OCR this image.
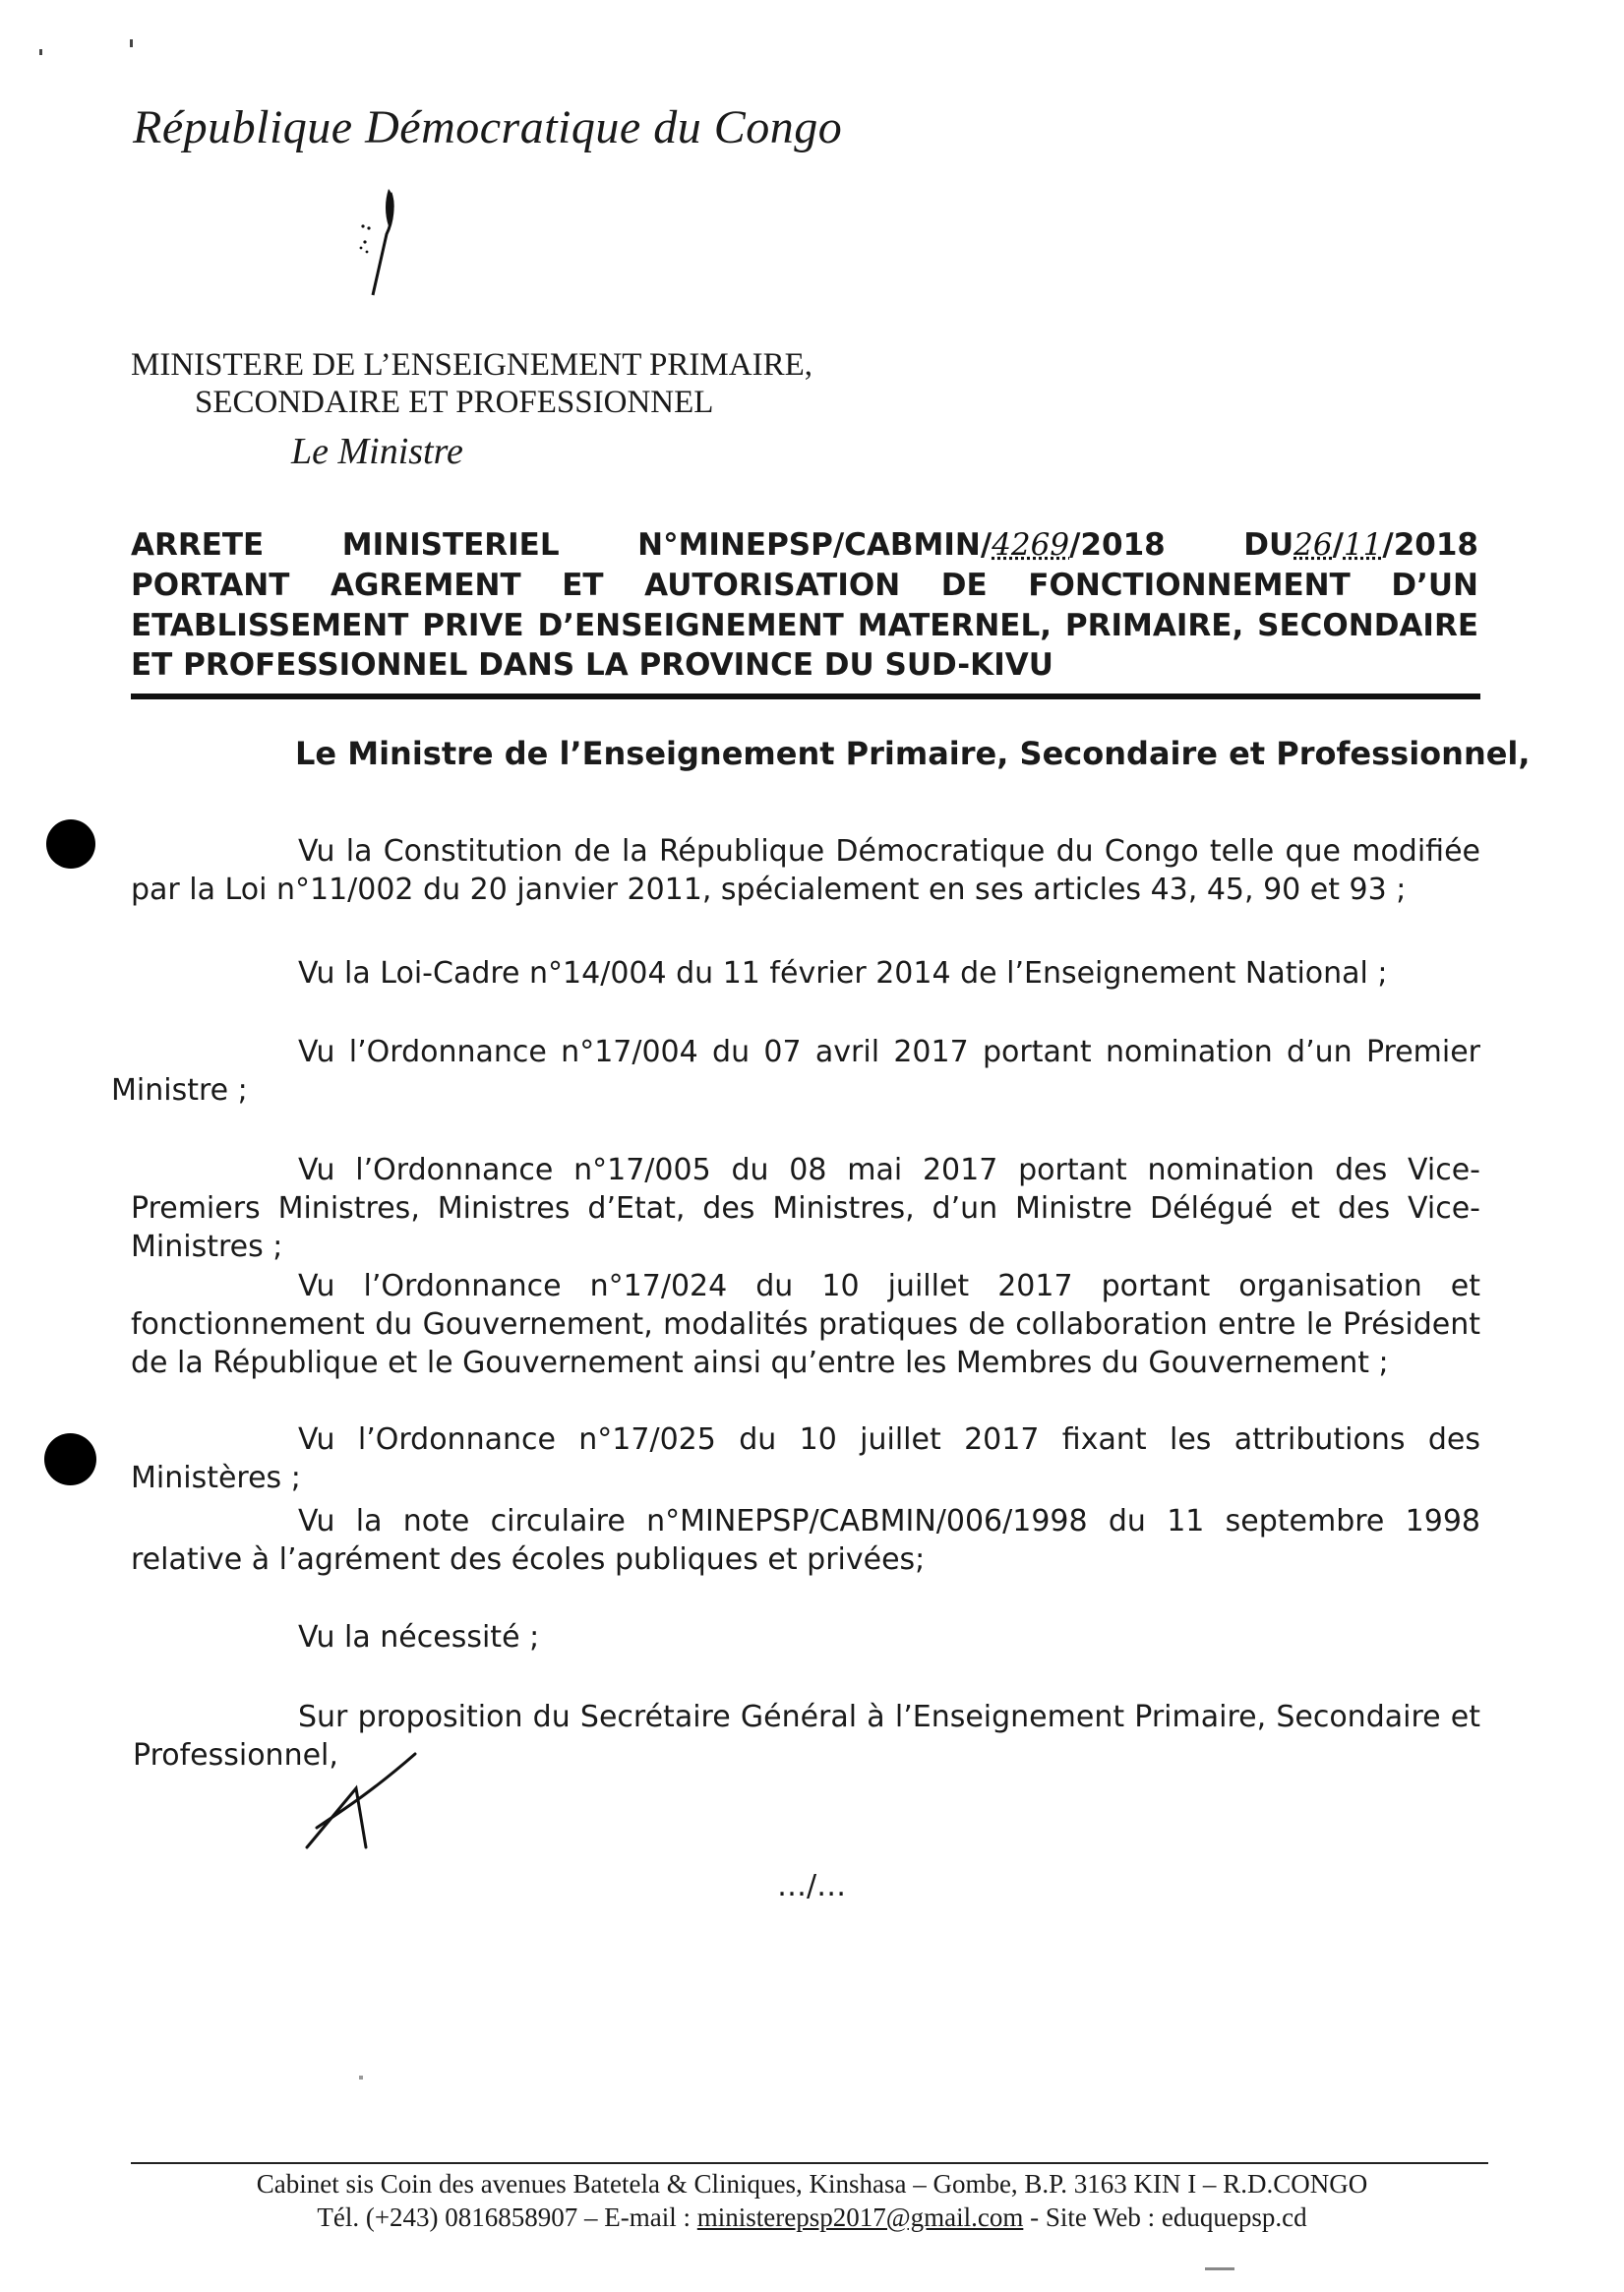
République Démocratique du Congo
MINISTERE DE L’ENSEIGNEMENT PRIMAIRE,
SECONDAIRE ET PROFESSIONNEL
Le Ministre
ARRETE MINISTERIEL N°MINEPSP/CABMIN/4269/2018 DU26/11/2018
PORTANT AGREMENT ET AUTORISATION DE FONCTIONNEMENT D’UN
ETABLISSEMENT PRIVE D’ENSEIGNEMENT MATERNEL, PRIMAIRE, SECONDAIRE
ET PROFESSIONNEL DANS LA PROVINCE DU SUD-KIVU
Le Ministre de l’Enseignement Primaire, Secondaire et Professionnel,

Vu la Constitution de la République Démocratique du Congo telle que modifiée par la Loi n°11/002 du 20 janvier 2011, spécialement en ses articles 43, 45, 90 et 93 ;

Vu la Loi-Cadre n°14/004 du 11 février 2014 de l’Enseignement National ;

Vu l’Ordonnance n°17/004 du 07 avril 2017 portant nomination d’un Premier Ministre ;

Vu l’Ordonnance n°17/005 du 08 mai 2017 portant nomination des Vice-Premiers Ministres, Ministres d’Etat, des Ministres, d’un Ministre Délégué et des Vice-Ministres ;

Vu l’Ordonnance n°17/024 du 10 juillet 2017 portant organisation et fonctionnement du Gouvernement, modalités pratiques de collaboration entre le Président de la République et le Gouvernement ainsi qu’entre les Membres du Gouvernement ;

Vu l’Ordonnance n°17/025 du 10 juillet 2017 fixant les attributions des Ministères ;

Vu la note circulaire n°MINEPSP/CABMIN/006/1998 du 11 septembre 1998 relative à l’agrément des écoles publiques et privées;

Vu la nécessité ;

Sur proposition du Secrétaire Général à l’Enseignement Primaire, Secondaire et Professionnel,

…/…
Cabinet sis Coin des avenues Batetela & Cliniques, Kinshasa – Gombe, B.P. 3163 KIN I – R.D.CONGO
Tél. (+243) 0816858907 – E-mail : ministerepsp2017@gmail.com - Site Web : eduquepsp.cd
